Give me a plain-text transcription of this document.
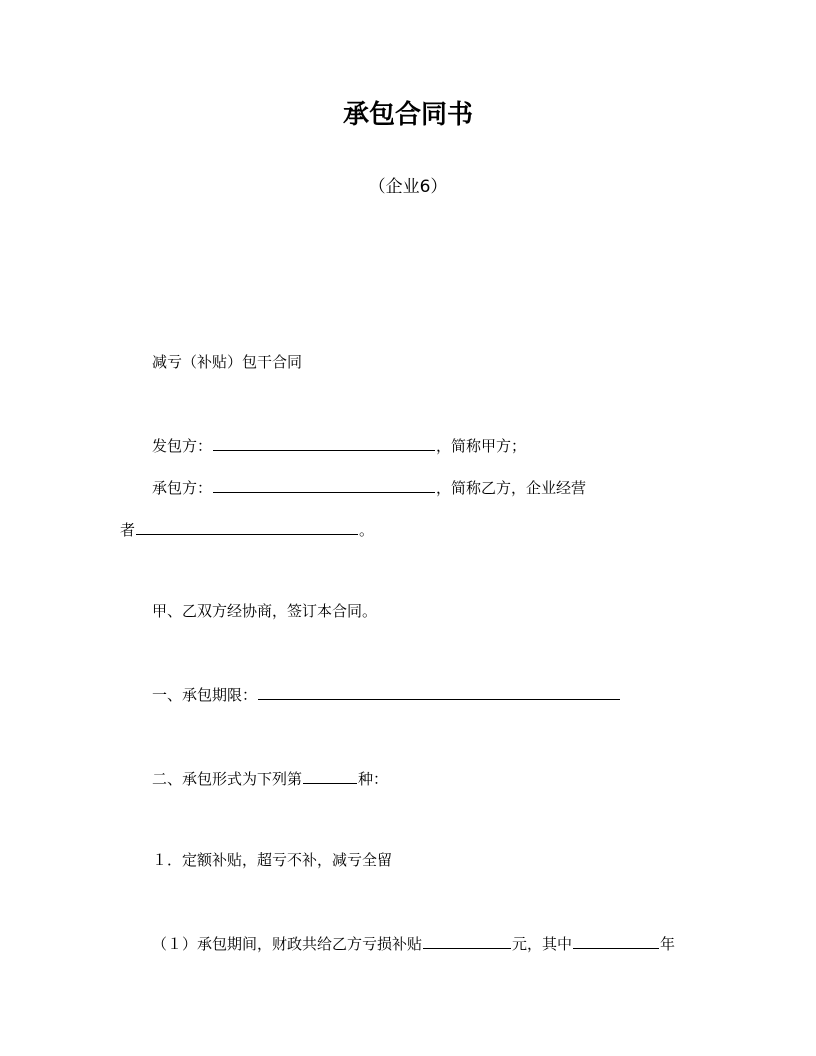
承包合同书
（企业6）
减亏（补贴）包干合同
发包方：	，简称甲方；
承包方：	，简称乙方，企业经营
者	。
甲、乙双方经协商，签订本合同。
一、承包期限：
二、承包形式为下列第	种：
１．定额补贴，超亏不补，减亏全留
（１）承包期间，财政共给乙方亏损补贴	元，其中	年
